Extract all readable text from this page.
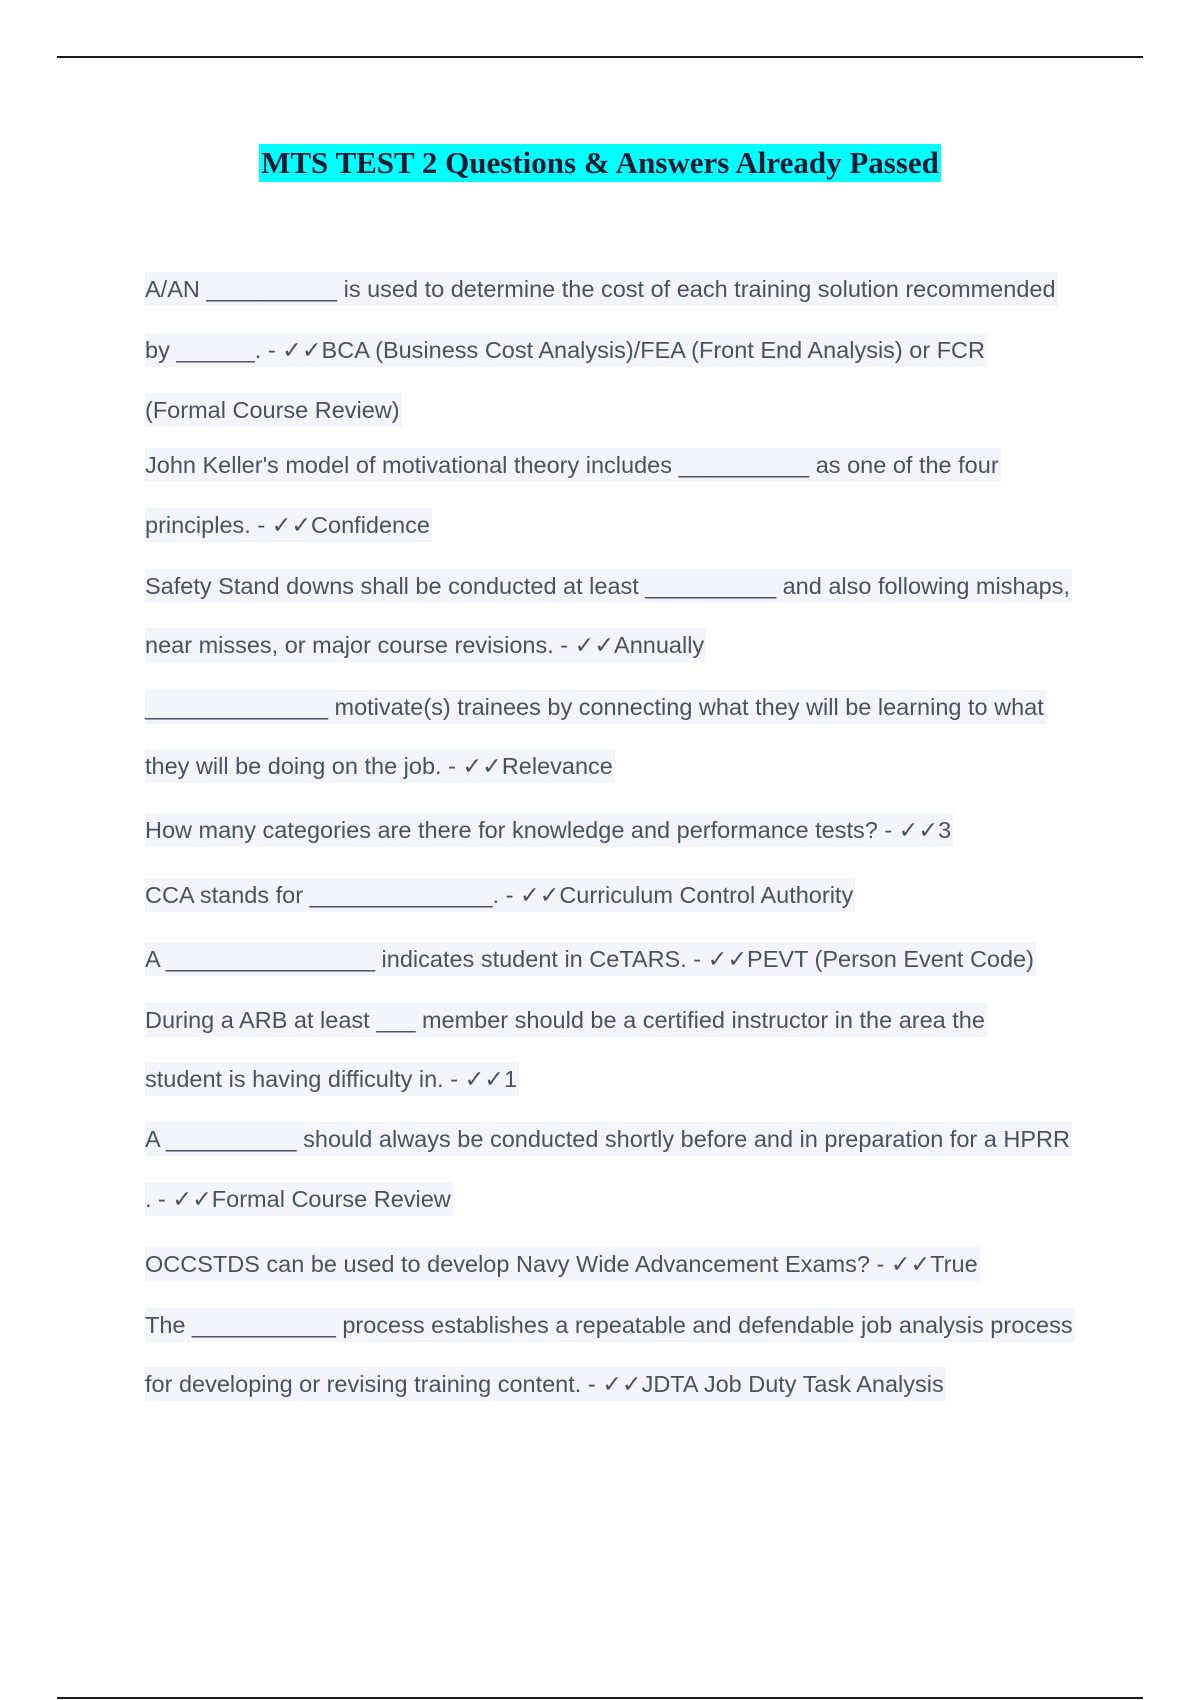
MTS TEST 2 Questions & Answers Already Passed
A/AN __________ is used to determine the cost of each training solution recommended
by ______. - ✓✓BCA (Business Cost Analysis)/FEA (Front End Analysis) or FCR
(Formal Course Review)
John Keller's model of motivational theory includes __________ as one of the four
principles. - ✓✓Confidence
Safety Stand downs shall be conducted at least __________ and also following mishaps,
near misses, or major course revisions. - ✓✓Annually
______________ motivate(s) trainees by connecting what they will be learning to what
they will be doing on the job. - ✓✓Relevance
How many categories are there for knowledge and performance tests? - ✓✓3
CCA stands for ______________. - ✓✓Curriculum Control Authority
A ________________ indicates student in CeTARS. - ✓✓PEVT (Person Event Code)
During a ARB at least ___ member should be a certified instructor in the area the
student is having difficulty in. - ✓✓1
A __________ should always be conducted shortly before and in preparation for a HPRR
. - ✓✓Formal Course Review
OCCSTDS can be used to develop Navy Wide Advancement Exams? - ✓✓True
The ___________ process establishes a repeatable and defendable job analysis process
for developing or revising training content. - ✓✓JDTA Job Duty Task Analysis
